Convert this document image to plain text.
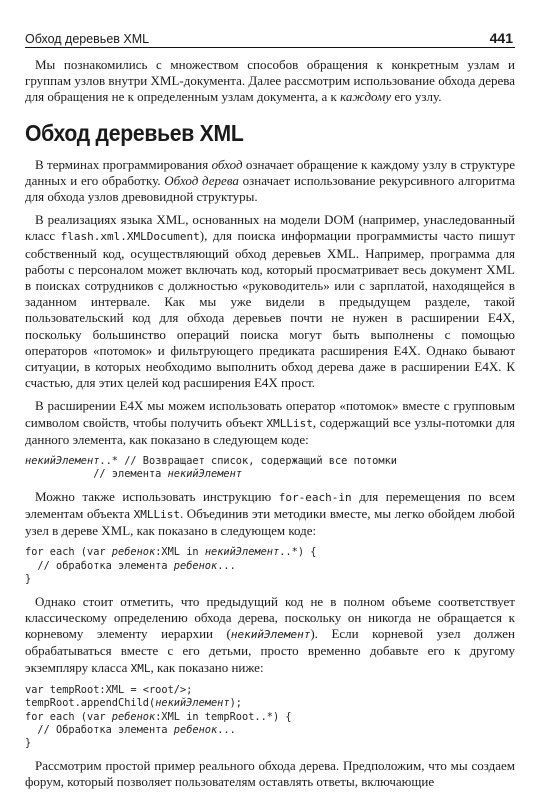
Обход деревьев XML	441

Мы познакомились с множеством способов обращения к конкретным узлам и группам узлов внутри XML-документа. Далее рассмотрим использование обхода дерева для обращения не к определенным узлам документа, а к каждому его узлу.

Обход деревьев XML

В терминах программирования обход означает обращение к каждому узлу в структуре данных и его обработку. Обход дерева означает использование рекурсивного алгоритма для обхода узлов древовидной структуры.

В реализациях языка XML, основанных на модели DOM (например, унаследованный класс flash.xml.XMLDocument), для поиска информации программисты часто пишут собственный код, осуществляющий обход деревьев XML. Например, программа для работы с персоналом может включать код, который просматривает весь документ XML в поисках сотрудников с должностью «руководитель» или с зарплатой, находящейся в заданном интервале. Как мы уже видели в предыдущем разделе, такой пользовательский код для обхода деревьев почти не нужен в расширении E4X, поскольку большинство операций поиска могут быть выполнены с помощью операторов «потомок» и фильтрующего предиката расширения E4X. Однако бывают ситуации, в которых необходимо выполнить обход дерева даже в расширении E4X. К счастью, для этих целей код расширения E4X прост.

В расширении E4X мы можем использовать оператор «потомок» вместе с групповым символом свойств, чтобы получить объект XMLList, содержащий все узлы-потомки для данного элемента, как показано в следующем коде:

некийЭлемент..* // Возвращает список, содержащий все потомки
// элемента некийЭлемент

Можно также использовать инструкцию for-each-in для перемещения по всем элементам объекта XMLList. Объединив эти методики вместе, мы легко обойдем любой узел в дереве XML, как показано в следующем коде:

for each (var ребенок:XML in некийЭлемент..*) {
// обработка элемента ребенок...
}

Однако стоит отметить, что предыдущий код не в полном объеме соответствует классическому определению обхода дерева, поскольку он никогда не обращается к корневому элементу иерархии (некийЭлемент). Если корневой узел должен обрабатываться вместе с его детьми, просто временно добавьте его к другому экземпляру класса XML, как показано ниже:

var tempRoot:XML = <root/>;
tempRoot.appendChild(некийЭлемент);
for each (var ребенок:XML in tempRoot..*) {
// Обработка элемента ребенок...
}

Рассмотрим простой пример реального обхода дерева. Предположим, что мы создаем форум, который позволяет пользователям оставлять ответы, включающие
